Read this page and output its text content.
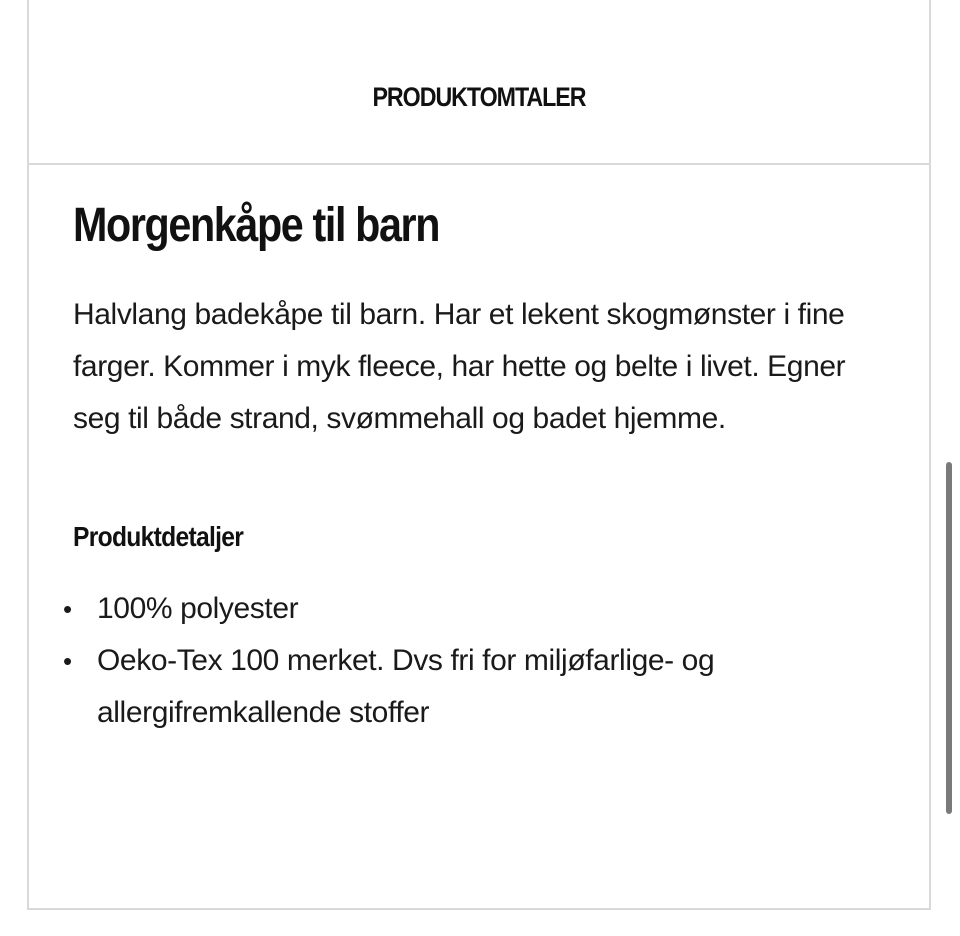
PRODUKTOMTALER
Morgenkåpe til barn

Halvlang badekåpe til barn. Har et lekent skogmønster i fine farger. Kommer i myk fleece, har hette og belte i livet. Egner seg til både strand, svømmehall og badet hjemme.

Produktdetaljer
• 100% polyester
• Oeko-Tex 100 merket. Dvs fri for miljøfarlige- og allergifremkallende stoffer
